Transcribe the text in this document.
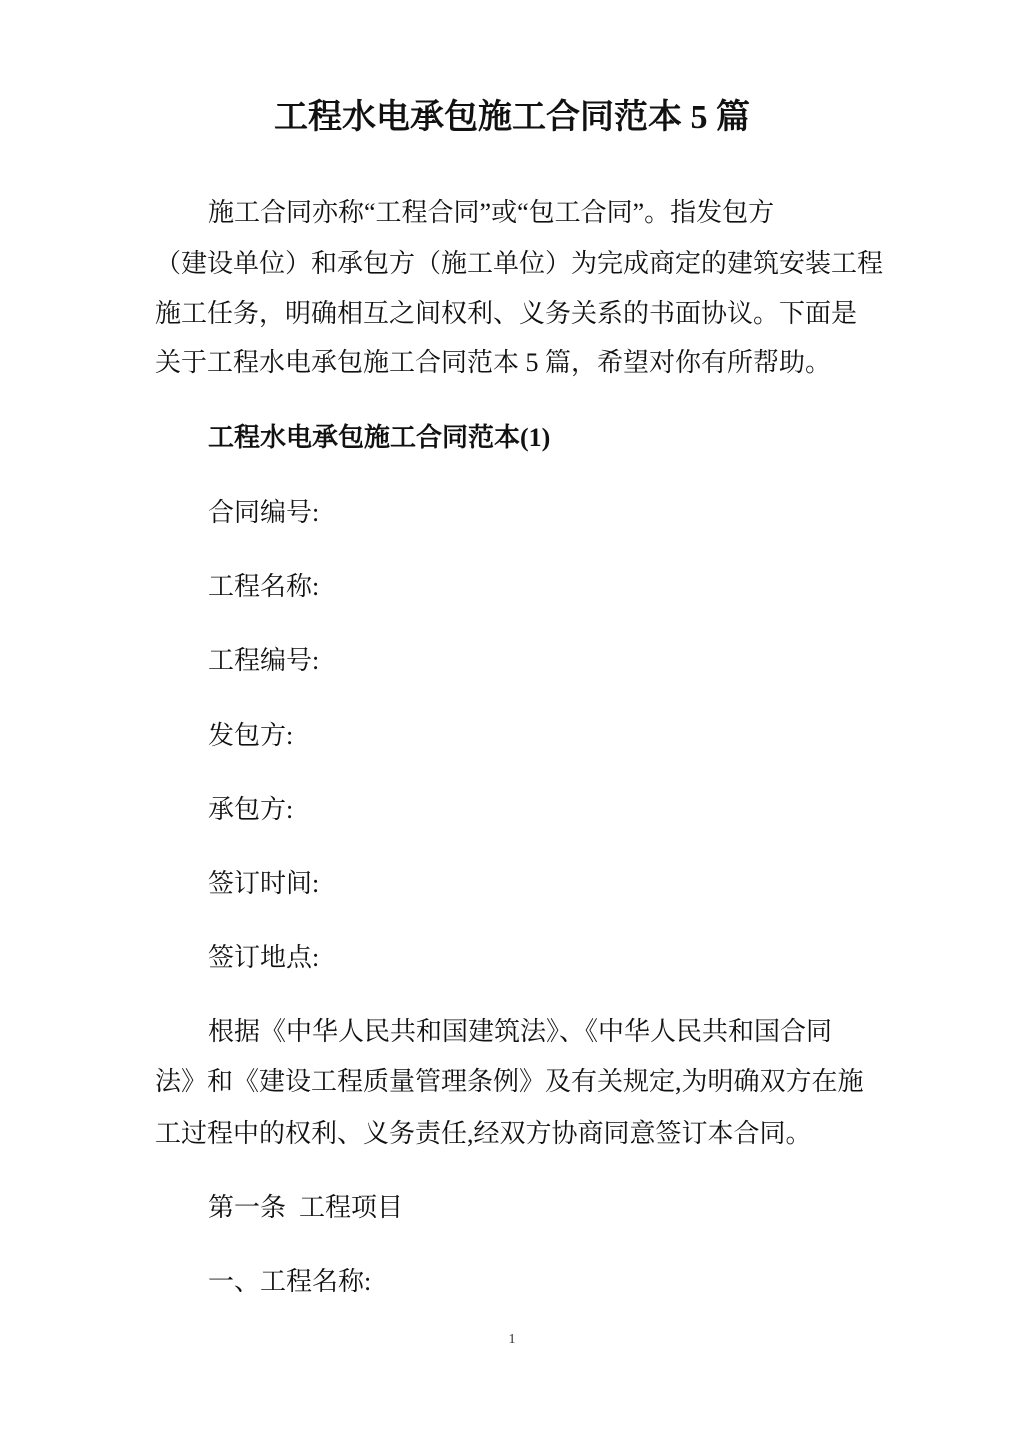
工程水电承包施工合同范本 5 篇
施工合同亦称“工程合同”或“包工合同”。指发包方
（建设单位）和承包方（施工单位）为完成商定的建筑安装工程
施工任务，明确相互之间权利、义务关系的书面协议。下面是
关于工程水电承包施工合同范本 5 篇，希望对你有所帮助。
工程水电承包施工合同范本(1)
合同编号:
工程名称:
工程编号:
发包方:
承包方:
签订时间:
签订地点:
根据《中华人民共和国建筑法》、《中华人民共和国合同
法》和《建设工程质量管理条例》及有关规定,为明确双方在施
工过程中的权利、义务责任,经双方协商同意签订本合同。
第一条  工程项目
一、工程名称:
1
